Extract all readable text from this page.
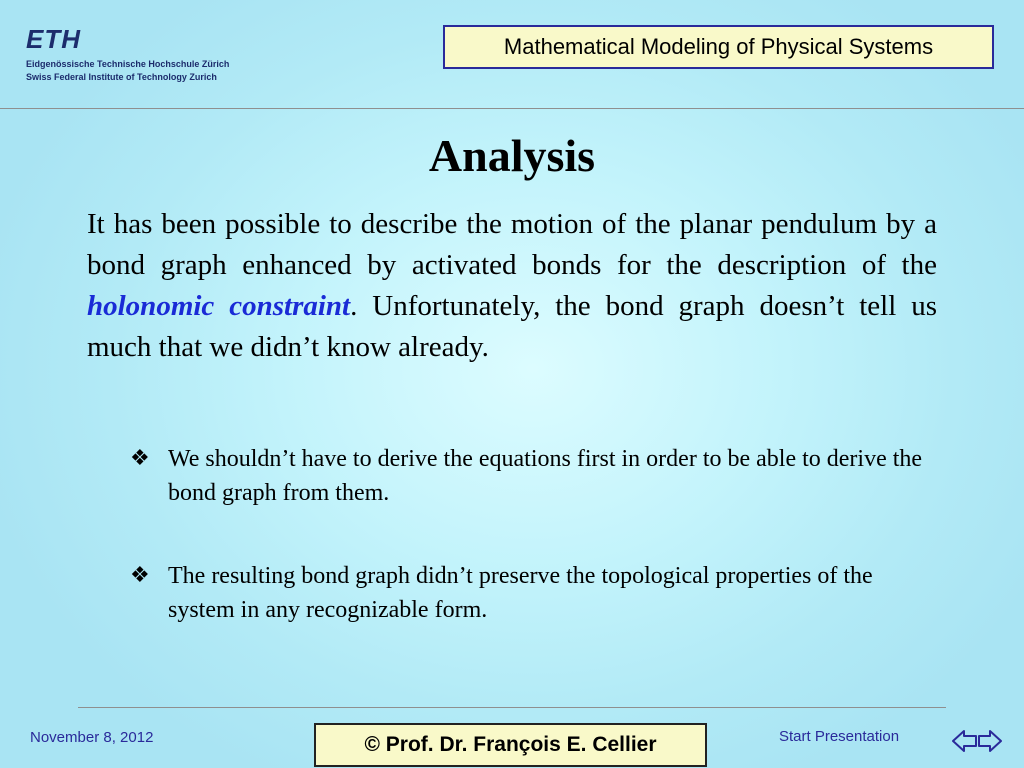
ETH
Eidgenössische Technische Hochschule Zürich
Swiss Federal Institute of Technology Zurich
Mathematical Modeling of Physical Systems
Analysis

It has been possible to describe the motion of the planar pendulum by a bond graph enhanced by activated bonds for the description of the holonomic constraint. Unfortunately, the bond graph doesn’t tell us much that we didn’t know already.

❖ We shouldn’t have to derive the equations first in order to be able to derive the bond graph from them.
❖ The resulting bond graph didn’t preserve the topological properties of the system in any recognizable form.
November 8, 2012	© Prof. Dr. François E. Cellier	Start Presentation
